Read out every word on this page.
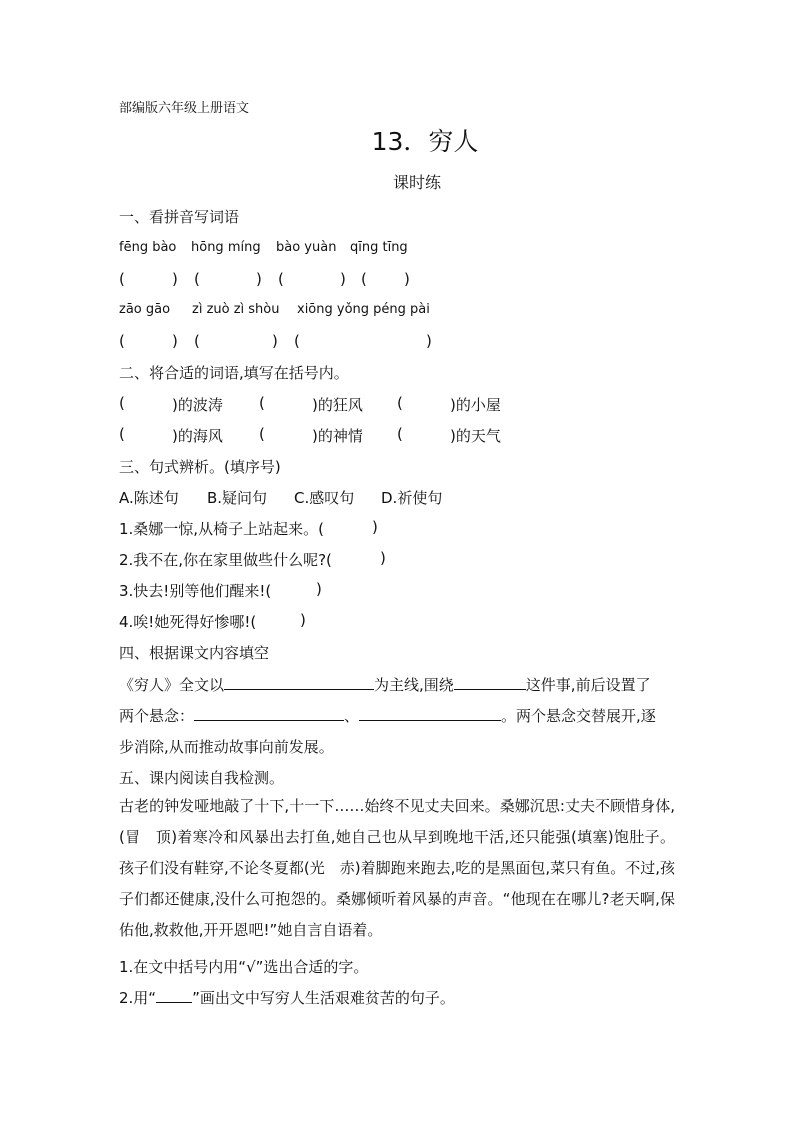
部编版六年级上册语文
13．穷人
课时练
一、看拼音写词语
fēng bào hōng míng bào yuàn qīng tīng
(	) (	) (	) ( )
zāo gāo zì zuò zì shòu xiōng yǒng péng pài
(	) (	) (	)
二、将合适的词语,填写在括号内。
(	)的波涛 (	)的狂风 (	)的小屋
(	)的海风 (	)的神情 (	)的天气
三、句式辨析。(填序号)
A.陈述句 B.疑问句 C.感叹句 D.祈使句
1.桑娜一惊,从椅子上站起来。(	)
2.我不在,你在家里做些什么呢?(	)
3.快去!别等他们醒来!(	)
4.唉!她死得好惨哪!(	)
四、根据课文内容填空
《穷人》全文以	为主线,围绕	这件事,前后设置了
两个悬念：	、	。两个悬念交替展开,逐
步消除,从而推动故事向前发展。
五、课内阅读自我检测。
古老的钟发哑地敲了十下,十一下……始终不见丈夫回来。桑娜沉思:丈夫不顾惜身体,(冒  顶)着寒冷和风暴出去打鱼,她自己也从早到晚地干活,还只能强(填塞)饱肚子。孩子们没有鞋穿,不论冬夏都(光  赤)着脚跑来跑去,吃的是黑面包,菜只有鱼。不过,孩子们都还健康,没什么可抱怨的。桑娜倾听着风暴的声音。“他现在在哪儿?老天啊,保佑他,救救他,开开恩吧!”她自言自语着。
1.在文中括号内用“√”选出合适的字。
2.用“ ”画出文中写穷人生活艰难贫苦的句子。
